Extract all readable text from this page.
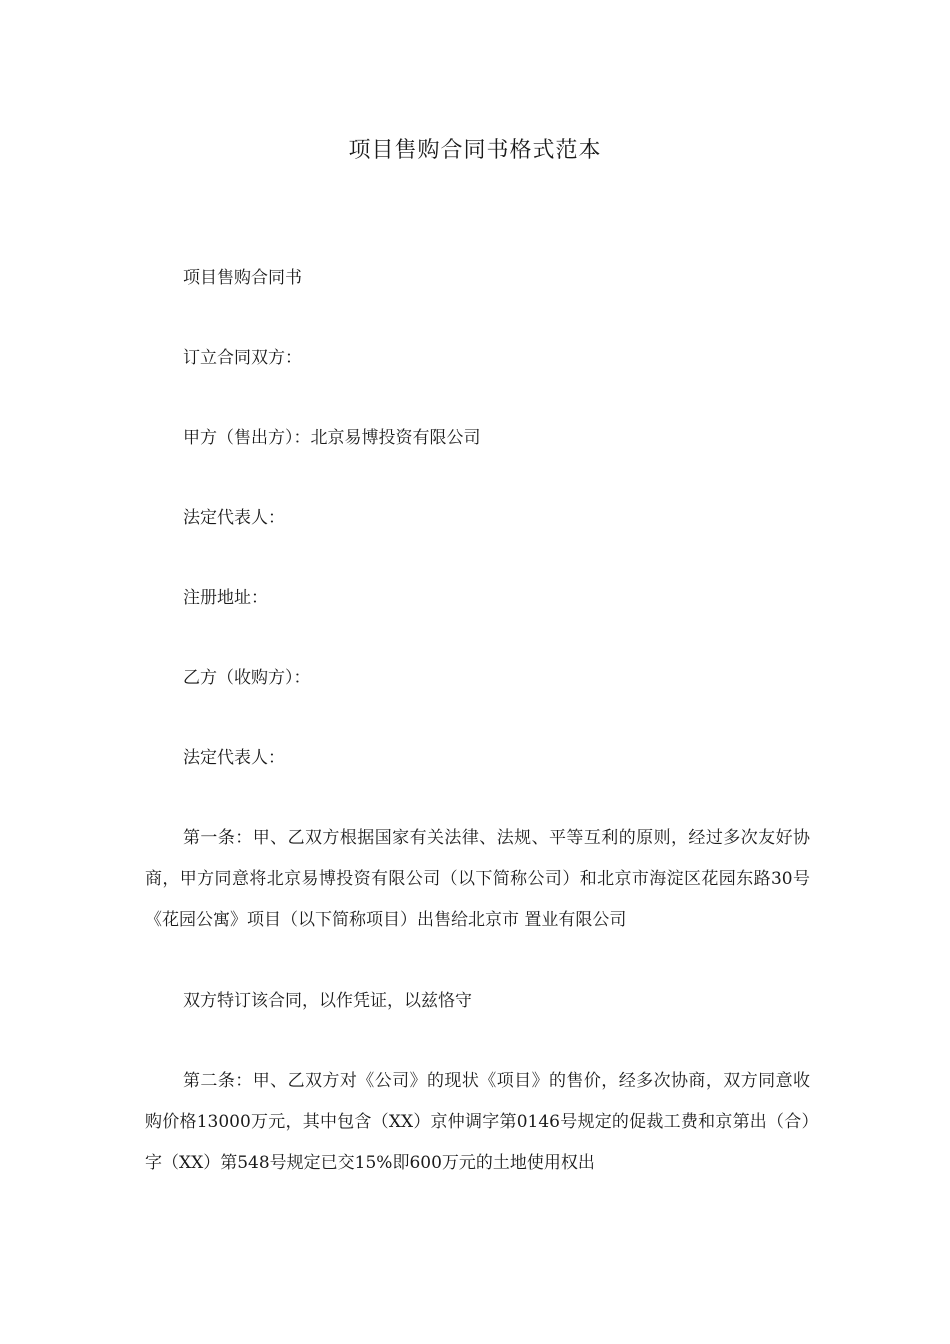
项目售购合同书格式范本

项目售购合同书

订立合同双方：

甲方（售出方）：北京易博投资有限公司

法定代表人：

注册地址：

乙方（收购方）：

法定代表人：

第一条：甲、乙双方根据国家有关法律、法规、平等互利的原则，经过多次友好协商，甲方同意将北京易博投资有限公司（以下简称公司）和北京市海淀区花园东路30号《花园公寓》项目（以下简称项目）出售给北京市 置业有限公司

双方特订该合同，以作凭证，以兹恪守

第二条：甲、乙双方对《公司》的现状《项目》的售价，经多次协商，双方同意收购价格13000万元，其中包含（XX）京仲调字第0146号规定的促裁工费和京第出（合）字（XX）第548号规定已交15%即600万元的土地使用权出
